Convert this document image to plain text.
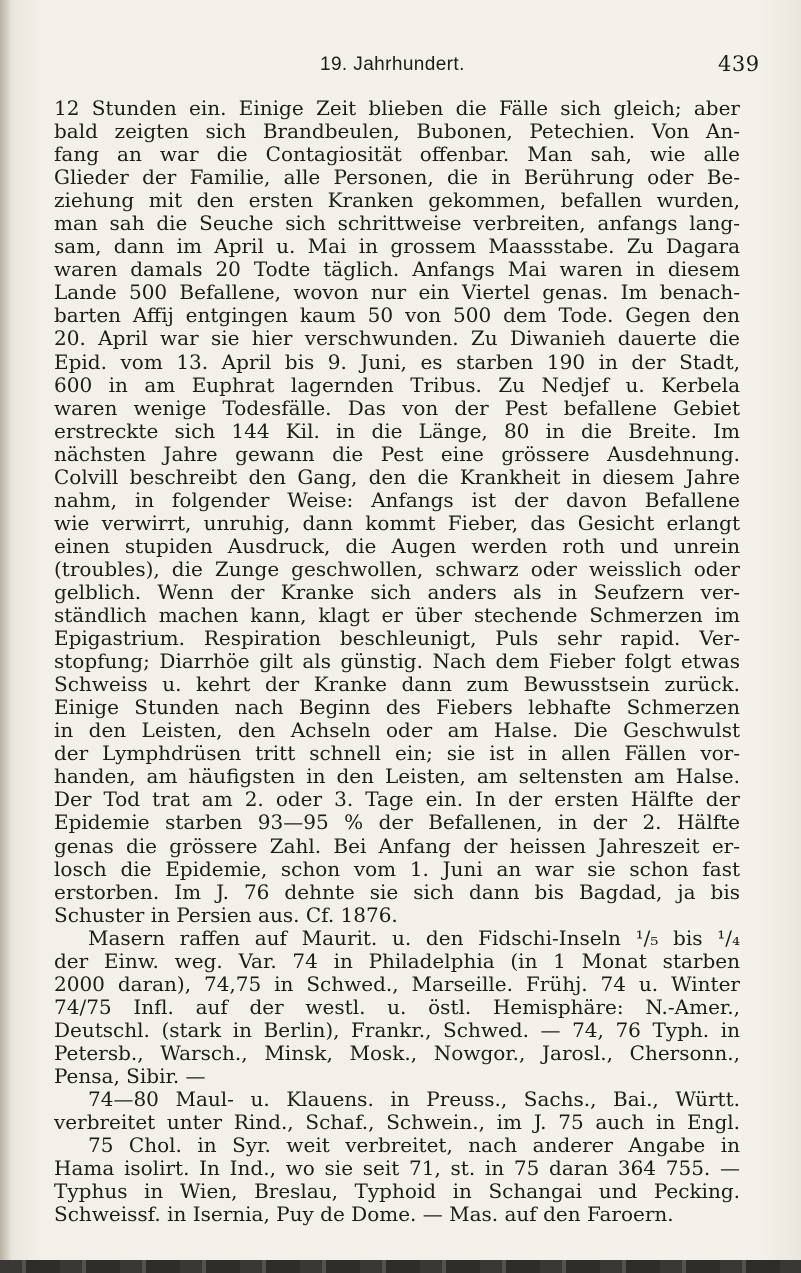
19. Jahrhundert.	439
12 Stunden ein. Einige Zeit blieben die Fälle sich gleich; aber
bald zeigten sich Brandbeulen, Bubonen, Petechien. Von An-
fang an war die Contagiosität offenbar. Man sah, wie alle
Glieder der Familie, alle Personen, die in Berührung oder Be-
ziehung mit den ersten Kranken gekommen, befallen wurden,
man sah die Seuche sich schrittweise verbreiten, anfangs lang-
sam, dann im April u. Mai in grossem Maassstabe. Zu Dagara
waren damals 20 Todte täglich. Anfangs Mai waren in diesem
Lande 500 Befallene, wovon nur ein Viertel genas. Im benach-
barten Affij entgingen kaum 50 von 500 dem Tode. Gegen den
20. April war sie hier verschwunden. Zu Diwanieh dauerte die
Epid. vom 13. April bis 9. Juni, es starben 190 in der Stadt,
600 in am Euphrat lagernden Tribus. Zu Nedjef u. Kerbela
waren wenige Todesfälle. Das von der Pest befallene Gebiet
erstreckte sich 144 Kil. in die Länge, 80 in die Breite. Im
nächsten Jahre gewann die Pest eine grössere Ausdehnung.
Colvill beschreibt den Gang, den die Krankheit in diesem Jahre
nahm, in folgender Weise: Anfangs ist der davon Befallene
wie verwirrt, unruhig, dann kommt Fieber, das Gesicht erlangt
einen stupiden Ausdruck, die Augen werden roth und unrein
(troubles), die Zunge geschwollen, schwarz oder weisslich oder
gelblich. Wenn der Kranke sich anders als in Seufzern ver-
ständlich machen kann, klagt er über stechende Schmerzen im
Epigastrium. Respiration beschleunigt, Puls sehr rapid. Ver-
stopfung; Diarrhöe gilt als günstig. Nach dem Fieber folgt etwas
Schweiss u. kehrt der Kranke dann zum Bewusstsein zurück.
Einige Stunden nach Beginn des Fiebers lebhafte Schmerzen
in den Leisten, den Achseln oder am Halse. Die Geschwulst
der Lymphdrüsen tritt schnell ein; sie ist in allen Fällen vor-
handen, am häufigsten in den Leisten, am seltensten am Halse.
Der Tod trat am 2. oder 3. Tage ein. In der ersten Hälfte der
Epidemie starben 93—95 % der Befallenen, in der 2. Hälfte
genas die grössere Zahl. Bei Anfang der heissen Jahreszeit er-
losch die Epidemie, schon vom 1. Juni an war sie schon fast
erstorben. Im J. 76 dehnte sie sich dann bis Bagdad, ja bis
Schuster in Persien aus. Cf. 1876.
Masern raffen auf Maurit. u. den Fidschi-Inseln ¹/₅ bis ¹/₄
der Einw. weg. Var. 74 in Philadelphia (in 1 Monat starben
2000 daran), 74,75 in Schwed., Marseille. Frühj. 74 u. Winter
74/75 Infl. auf der westl. u. östl. Hemisphäre: N.-Amer.,
Deutschl. (stark in Berlin), Frankr., Schwed. — 74, 76 Typh. in
Petersb., Warsch., Minsk, Mosk., Nowgor., Jarosl., Chersonn.,
Pensa, Sibir. —
74—80 Maul- u. Klauens. in Preuss., Sachs., Bai., Württ.
verbreitet unter Rind., Schaf., Schwein., im J. 75 auch in Engl.
75 Chol. in Syr. weit verbreitet, nach anderer Angabe in
Hama isolirt. In Ind., wo sie seit 71, st. in 75 daran 364 755. —
Typhus in Wien, Breslau, Typhoid in Schangai und Pecking.
Schweissf. in Isernia, Puy de Dome. — Mas. auf den Faroern.
